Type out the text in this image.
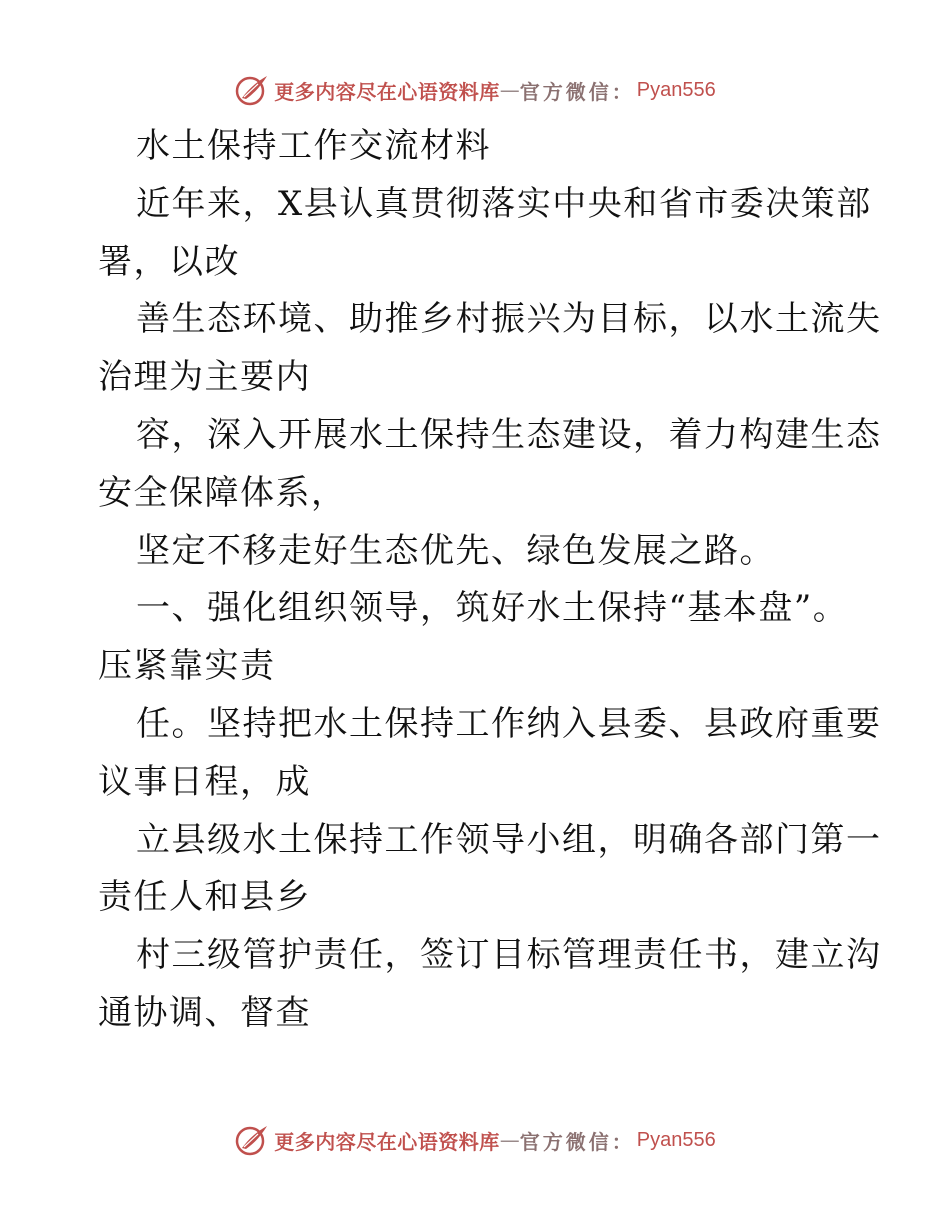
更多内容尽在心语资料库 — 官方微信： Pyan556
水土保持工作交流材料
近年来，X县认真贯彻落实中央和省市委决策部
署，以改
善生态环境、助推乡村振兴为目标，以水土流失
治理为主要内
容，深入开展水土保持生态建设，着力构建生态
安全保障体系，
坚定不移走好生态优先、绿色发展之路。
一、强化组织领导，筑好水土保持“基本盘”。
压紧靠实责
任。坚持把水土保持工作纳入县委、县政府重要
议事日程，成
立县级水土保持工作领导小组，明确各部门第一
责任人和县乡
村三级管护责任，签订目标管理责任书，建立沟
通协调、督查
更多内容尽在心语资料库 — 官方微信： Pyan556
